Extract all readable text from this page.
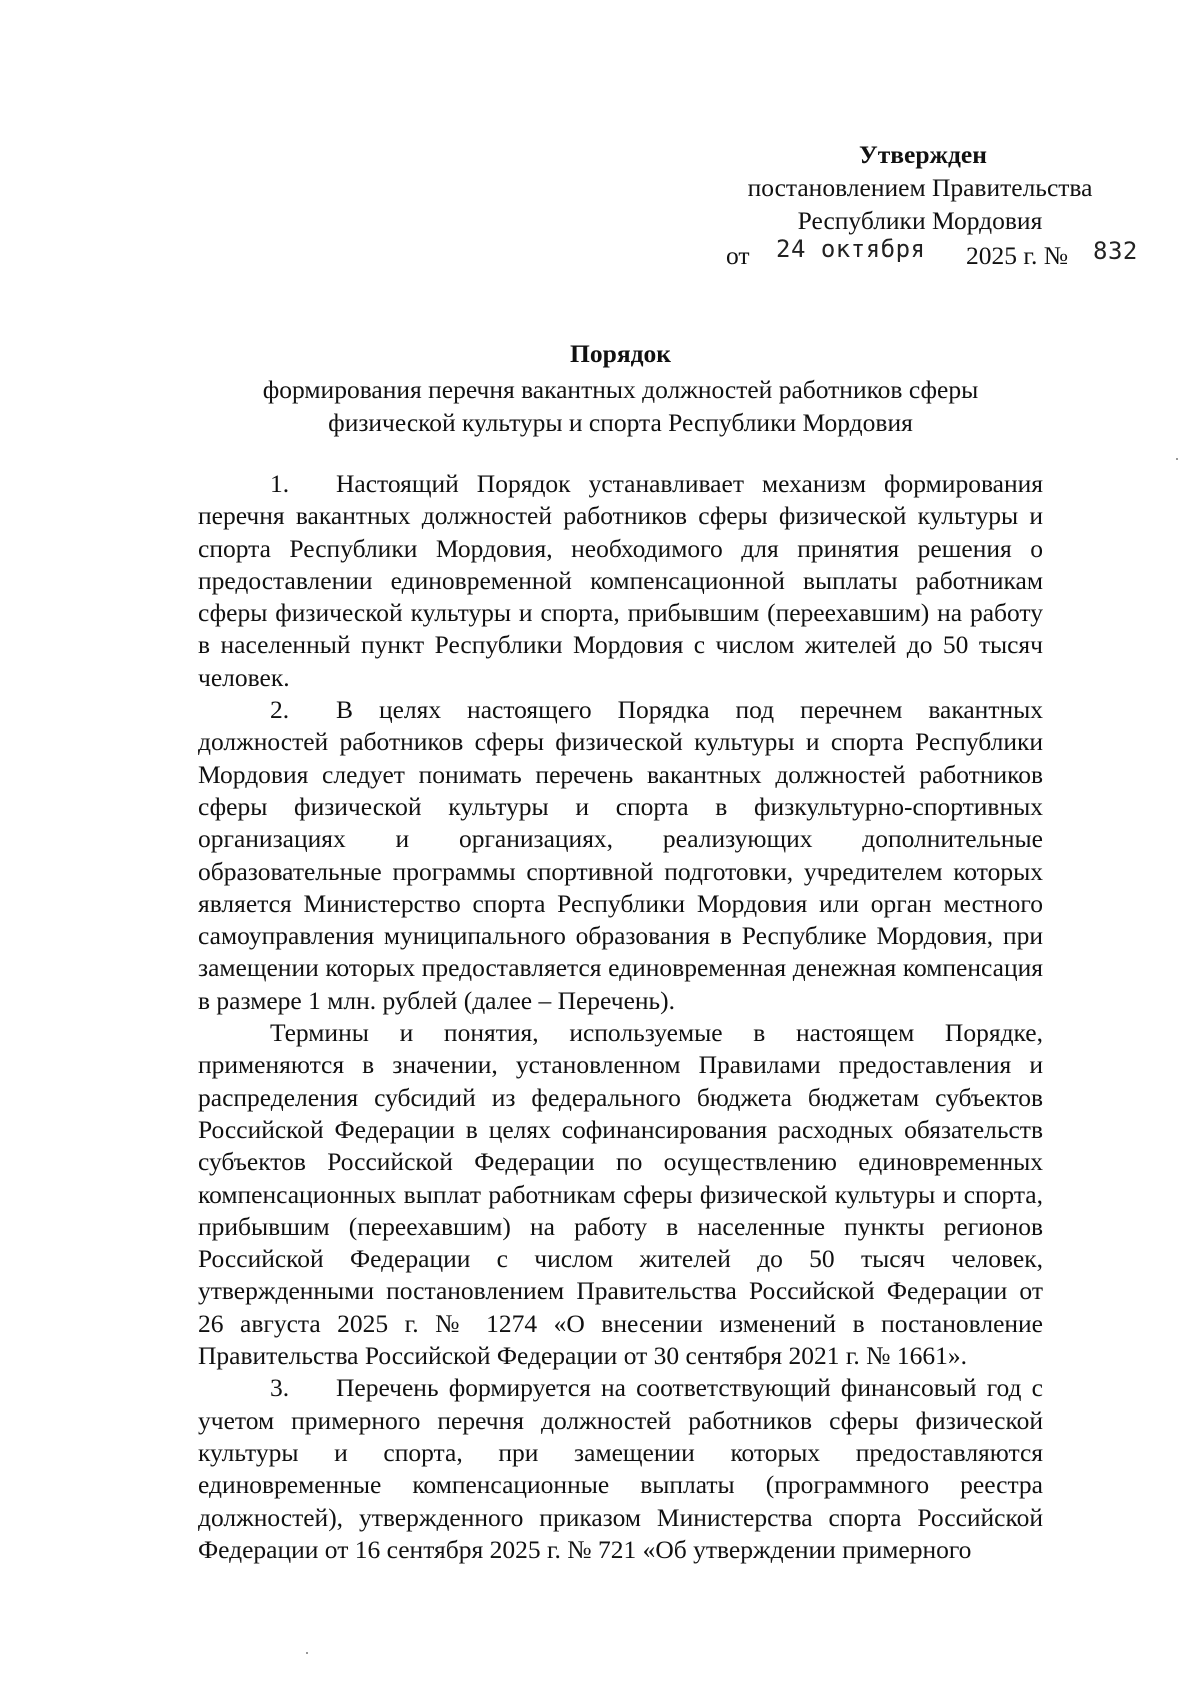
Утвержден
постановлением Правительства
Республики Мордовия
от 24 октября 2025 г. № 832
Порядок
формирования перечня вакантных должностей работников сферы
физической культуры и спорта Республики Мордовия

1. Настоящий Порядок устанавливает механизм формирования перечня вакантных должностей работников сферы физической культуры и спорта Республики Мордовия, необходимого для принятия решения о предоставлении единовременной компенсационной выплаты работникам сферы физической культуры и спорта, прибывшим (переехавшим) на работу в населенный пункт Республики Мордовия с числом жителей до 50 тысяч человек.

2. В целях настоящего Порядка под перечнем вакантных должностей работников сферы физической культуры и спорта Республики Мордовия следует понимать перечень вакантных должностей работников сферы физической культуры и спорта в физкультурно-спортивных организациях и организациях, реализующих дополнительные образовательные программы спортивной подготовки, учредителем которых является Министерство спорта Республики Мордовия или орган местного самоуправления муниципального образования в Республике Мордовия, при замещении которых предоставляется единовременная денежная компенсация в размере 1 млн. рублей (далее – Перечень).

Термины и понятия, используемые в настоящем Порядке, применяются в значении, установленном Правилами предоставления и распределения субсидий из федерального бюджета бюджетам субъектов Российской Федерации в целях софинансирования расходных обязательств субъектов Российской Федерации по осуществлению единовременных компенсационных выплат работникам сферы физической культуры и спорта, прибывшим (переехавшим) на работу в населенные пункты регионов Российской Федерации с числом жителей до 50 тысяч человек, утвержденными постановлением Правительства Российской Федерации от 26 августа 2025 г. № 1274 «О внесении изменений в постановление Правительства Российской Федерации от 30 сентября 2021 г. № 1661».

3. Перечень формируется на соответствующий финансовый год с учетом примерного перечня должностей работников сферы физической культуры и спорта, при замещении которых предоставляются единовременные компенсационные выплаты (программного реестра должностей), утвержденного приказом Министерства спорта Российской Федерации от 16 сентября 2025 г. № 721 «Об утверждении примерного
